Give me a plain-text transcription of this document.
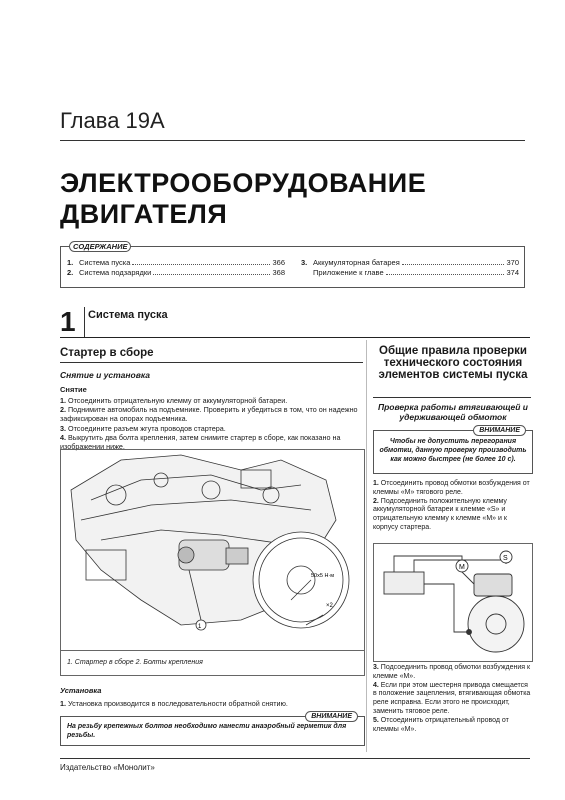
Глава 19А
ЭЛЕКТРООБОРУДОВАНИЕ
ДВИГАТЕЛЯ
СОДЕРЖАНИЕ
1. Система пуска	366
2. Система подзарядки	368
3. Аккумуляторная батарея	370
Приложение к главе	374
1	Система пуска
Стартер в сборе
Снятие и установка
Снятие

1. Отсоединить отрицательную клемму от аккумуляторной батареи.

2. Поднимите автомобиль на подъемнике. Проверить и убедиться в том, что он надежно зафиксирован на опорах подъемника.

3. Отсоедините разъем жгута проводов стартера.

4. Выкрутить два болта крепления, затем снимите стартер в сборе, как показано на изображении ниже.

1
50x5 Н·м
×2
1. Стартер в сборе 2. Болты крепления
Установка
1. Установка производится в последовательности обратной снятию.
ВНИМАНИЕ
На резьбу крепежных болтов необходимо нанести анаэробный герметик для резьбы.
Общие правила проверки технического состояния элементов системы пуска
Проверка работы втягивающей и удерживающей обмоток
ВНИМАНИЕ
Чтобы не допустить перегорания обмотки, данную проверку производить как можно быстрее (не более 10 с).

1. Отсоединить провод обмотки возбуждения от клеммы «М» тягового реле.

2. Подсоединить положительную клемму аккумуляторной батареи к клемме «S» и отрицательную клемму к клемме «М» и к корпусу стартера.

M
S

3. Подсоединить провод обмотки возбуждения к клемме «М».

4. Если при этом шестерня привода смещается в положение зацепления, втягивающая обмотка реле исправна. Если этого не происходит, заменить тяговое реле.

5. Отсоединить отрицательный провод от клеммы «М».

Издательство «Монолит»
